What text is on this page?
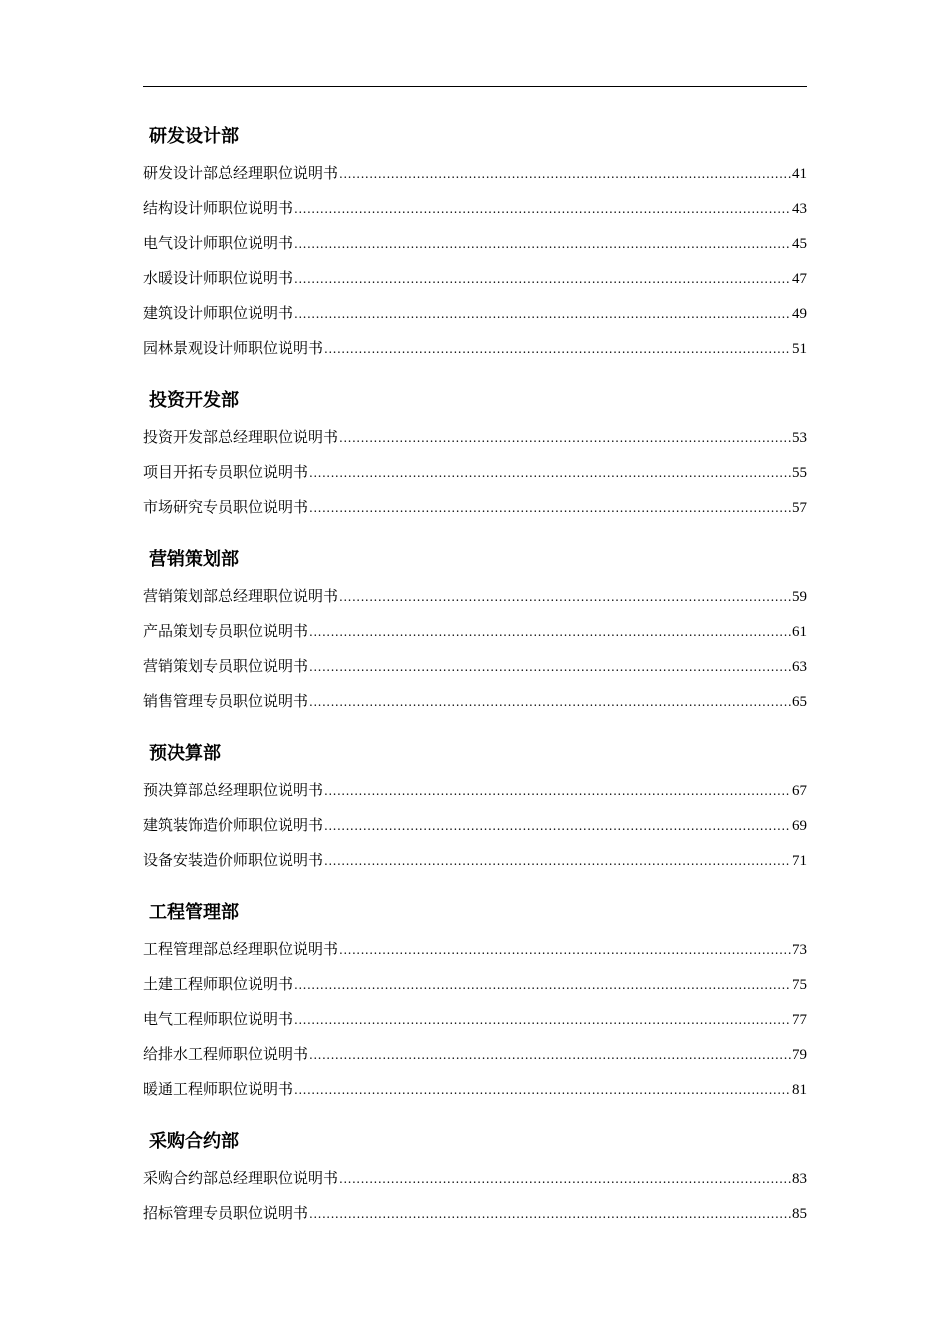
研发设计部
研发设计部总经理职位说明书 .....	41
结构设计师职位说明书 .....	43
电气设计师职位说明书 .....	45
水暖设计师职位说明书 .....	47
建筑设计师职位说明书 .....	49
园林景观设计师职位说明书 .....	51
投资开发部
投资开发部总经理职位说明书 .....	53
项目开拓专员职位说明书 .....	55
市场研究专员职位说明书 .....	57
营销策划部
营销策划部总经理职位说明书 .....	59
产品策划专员职位说明书 .....	61
营销策划专员职位说明书 .....	63
销售管理专员职位说明书 .....	65
预决算部
预决算部总经理职位说明书 .....	67
建筑装饰造价师职位说明书 .....	69
设备安装造价师职位说明书 .....	71
工程管理部
工程管理部总经理职位说明书 .....	73
土建工程师职位说明书 .....	75
电气工程师职位说明书 .....	77
给排水工程师职位说明书 .....	79
暖通工程师职位说明书 .....	81
采购合约部
采购合约部总经理职位说明书 .....	83
招标管理专员职位说明书 .....	85
